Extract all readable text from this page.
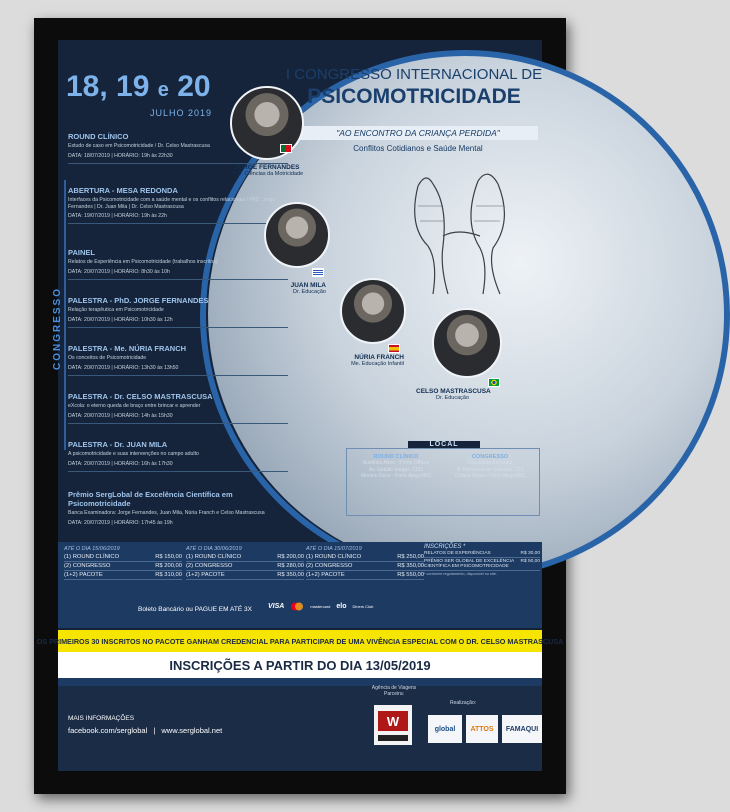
18, 19 e 20
JULHO 2019
CONGRESSO
ROUND CLÍNICO
Estudo de caso em Psicomotricidade / Dr. Celso Mastrascusa
DATA: 18/07/2019 | HORÁRIO: 19h às 22h30
ABERTURA - MESA REDONDA
Interfaces da Psicomotricidade com a saúde mental e os conflitos relacionais / PhD. Jorge Fernandes | Dr. Juan Mila | Dr. Celso Mastrascusa
DATA: 19/07/2019 | HORÁRIO: 19h às 22h
PAINEL
Relatos de Experiência em Psicomotricidade (trabalhos inscritos)
DATA: 20/07/2019 | HORÁRIO: 8h30 às 10h
PALESTRA - PhD. JORGE FERNANDES
Relação terapêutica em Psicomotricidade
DATA: 20/07/2019 | HORÁRIO: 10h30 às 12h
PALESTRA - Me. NÚRIA FRANCH
Os conceitos de Psicomotricidade
DATA: 20/07/2019 | HORÁRIO: 13h30 às 13h50
PALESTRA - Dr. CELSO MASTRASCUSA
eXcola: o eterno queda de braço entre brincar e aprender
DATA: 20/07/2019 | HORÁRIO: 14h às 15h30
PALESTRA - Dr. JUAN MILA
A psicomotricidade e suas intervenções no campo adulto
DATA: 20/07/2019 | HORÁRIO: 16h às 17h30
Prêmio SergLobal de Excelência Científica em Psicomotricidade
Banca Examinadora: Jorge Fernandes, Juan Mila, Núria Franch e Celso Mastrascusa
DATA: 20/07/2019 | HORÁRIO: 17h45 às 19h
I CONGRESSO INTERNACIONAL DE
PSICOMOTRICIDADE
"AO ENCONTRO DA CRIANÇA PERDIDA"
Conflitos Cotidianos e Saúde Mental
JORGE FERNANDES
PhD. Ciências da Motricidade
JUAN MILA
Dr. Educação
NÚRIA FRANCH
Me. Educação Infantil
CELSO MASTRASCUSA
Dr. Educação
LOCAL
ROUND CLÍNICO
Auditório Attos - Prime Offices
Av. Getúlio Vargas, 1151
Menino Deus - Porto Alegre/RS
CONGRESSO
Faculdade Famaqui
R. Baronesa do Gravataí, 123
Cidade Baixa - Porto Alegre/RS
ATÉ O DIA 15/06/2019
(1) ROUND CLÍNICO	R$ 150,00
(2) CONGRESSO	R$ 200,00
(1+2) PACOTE	R$ 310,00
ATÉ O DIA 30/06/2019
(1) ROUND CLÍNICO	R$ 200,00
(2) CONGRESSO	R$ 280,00
(1+2) PACOTE	R$ 350,00
ATÉ O DIA 15/07/2019
(1) ROUND CLÍNICO	R$ 250,00
(2) CONGRESSO	R$ 350,00
(1+2) PACOTE	R$ 550,00
INSCRIÇÕES *
RELATOS DE EXPERIÊNCIAS	R$ 30,00
PRÊMIO SER GLOBAL DE EXCELÊNCIA CIENTÍFICA EM PSICOMOTRICIDADE
R$ 50,00
* conforme regulamento, disponível no site.
Boleto Bancário ou PAGUE EM ATÉ 3X VISA	mastercard elo Diners Club
OS PRIMEIROS 30 INSCRITOS NO PACOTE GANHAM CREDENCIAL PARA PARTICIPAR DE UMA VIVÊNCIA ESPECIAL COM O DR. CELSO MASTRASCUSA
INSCRIÇÕES A PARTIR DO DIA 13/05/2019
MAIS INFORMAÇÕES
facebook.com/serglobal | www.serglobal.net
Agência de Viagens Parceira:
W
Realização:
global ATTOS FAMAQUI
